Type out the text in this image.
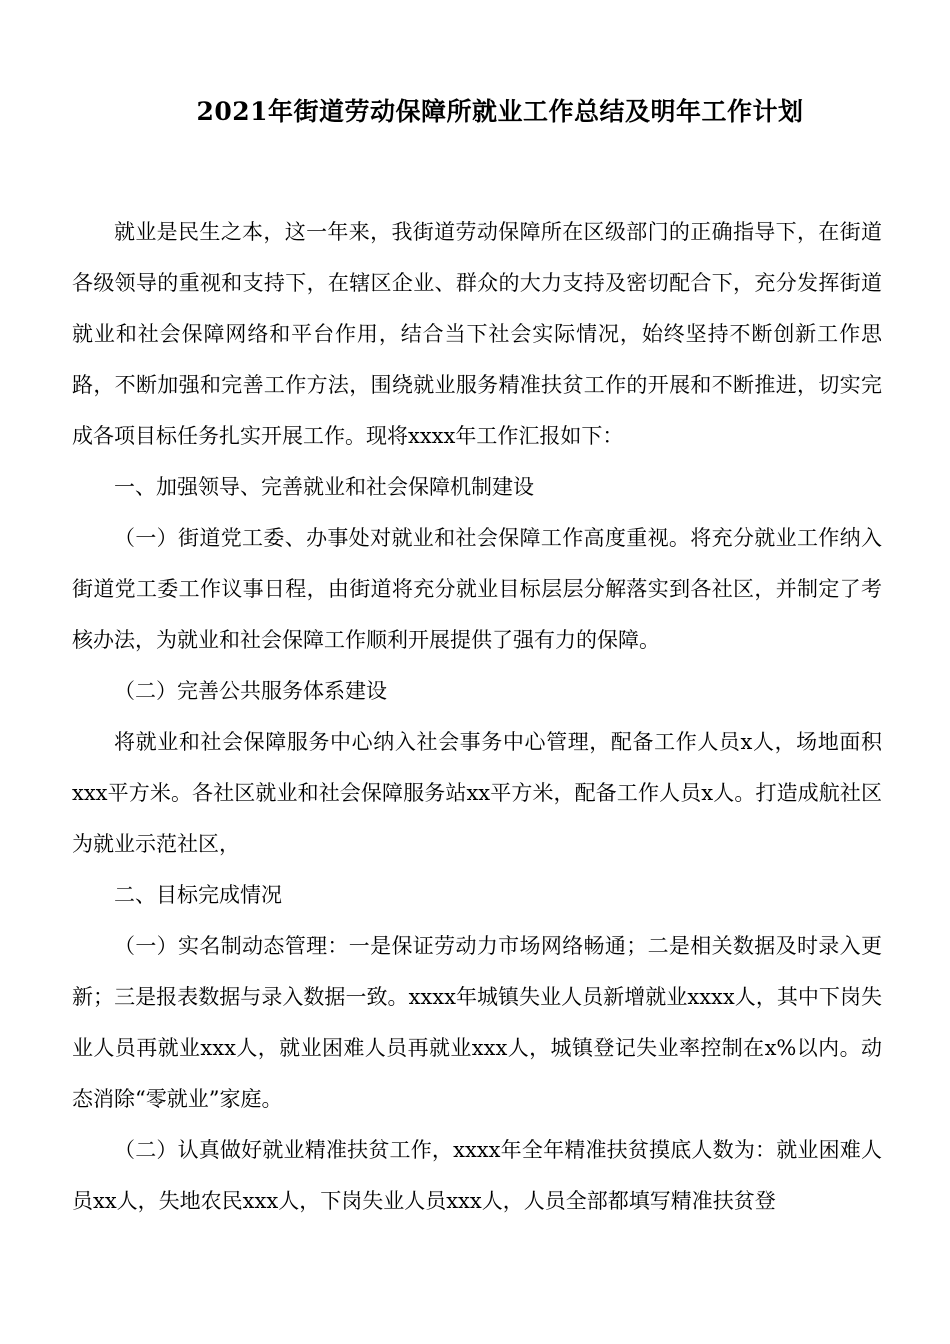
2021年街道劳动保障所就业工作总结及明年工作计划

就业是民生之本，这一年来，我街道劳动保障所在区级部门的正确指导下，在街道各级领导的重视和支持下，在辖区企业、群众的大力支持及密切配合下，充分发挥街道就业和社会保障网络和平台作用，结合当下社会实际情况，始终坚持不断创新工作思路，不断加强和完善工作方法，围绕就业服务精准扶贫工作的开展和不断推进，切实完成各项目标任务扎实开展工作。现将xxxx年工作汇报如下：

一、加强领导、完善就业和社会保障机制建设

（一）街道党工委、办事处对就业和社会保障工作高度重视。将充分就业工作纳入街道党工委工作议事日程，由街道将充分就业目标层层分解落实到各社区，并制定了考核办法，为就业和社会保障工作顺利开展提供了强有力的保障。

（二）完善公共服务体系建设

将就业和社会保障服务中心纳入社会事务中心管理，配备工作人员x人，场地面积xxx平方米。各社区就业和社会保障服务站xx平方米，配备工作人员x人。打造成航社区为就业示范社区，

二、目标完成情况

（一）实名制动态管理：一是保证劳动力市场网络畅通；二是相关数据及时录入更新；三是报表数据与录入数据一致。xxxx年城镇失业人员新增就业xxxx人，其中下岗失业人员再就业xxx人，就业困难人员再就业xxx人，城镇登记失业率控制在x%以内。动态消除“零就业”家庭。

（二）认真做好就业精准扶贫工作，xxxx年全年精准扶贫摸底人数为：就业困难人员xx人，失地农民xxx人，下岗失业人员xxx人，人员全部都填写精准扶贫登
